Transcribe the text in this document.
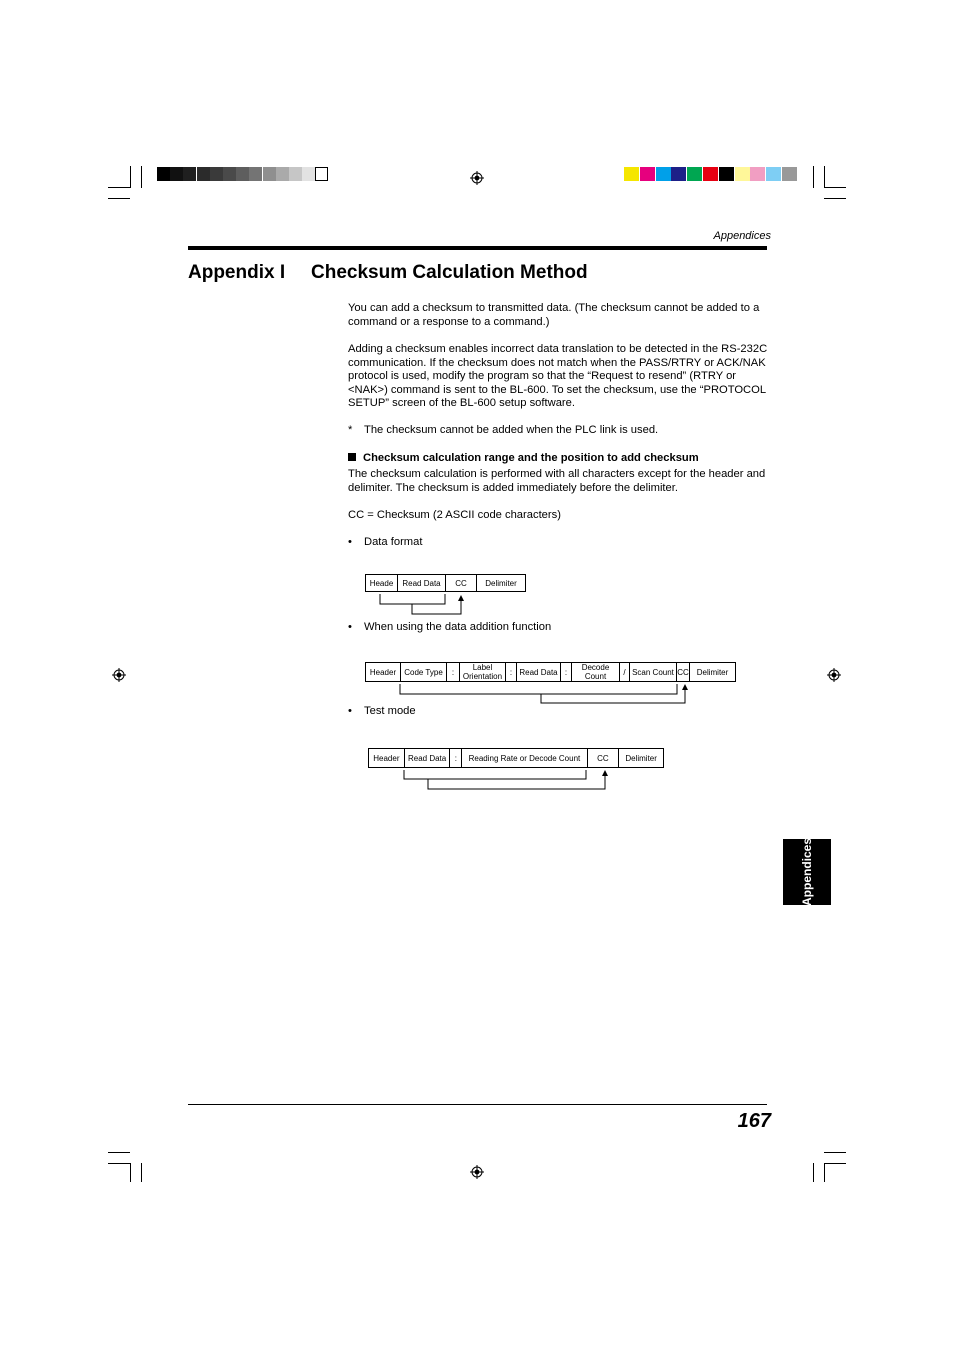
Appendices
Appendix I Checksum Calculation Method

You can add a checksum to transmitted data. (The checksum cannot be added to a command or a response to a command.)

Adding a checksum enables incorrect data translation to be detected in the RS-232C communication. If the checksum does not match when the PASS/RTRY or ACK/NAK protocol is used, modify the program so that the “Request to resend” (RTRY or <NAK>) command is sent to the BL-600. To set the checksum, use the “PROTOCOL SETUP” screen of the BL-600 setup software.

* The checksum cannot be added when the PLC link is used.
Checksum calculation range and the position to add checksum

The checksum calculation is performed with all characters except for the header and delimiter. The checksum is added immediately before the delimiter.

CC = Checksum (2 ASCII code characters)

• Data format
Heade	Read Data	CC	Delimiter
• When using the data addition function
Header	Code Type	:	Label Orientation : Read Data :	Decode Count	/ Scan Count CC Delimiter
• Test mode
Header	Read Data	:	Reading Rate or Decode Count	CC	Delimiter
Appendices
167
